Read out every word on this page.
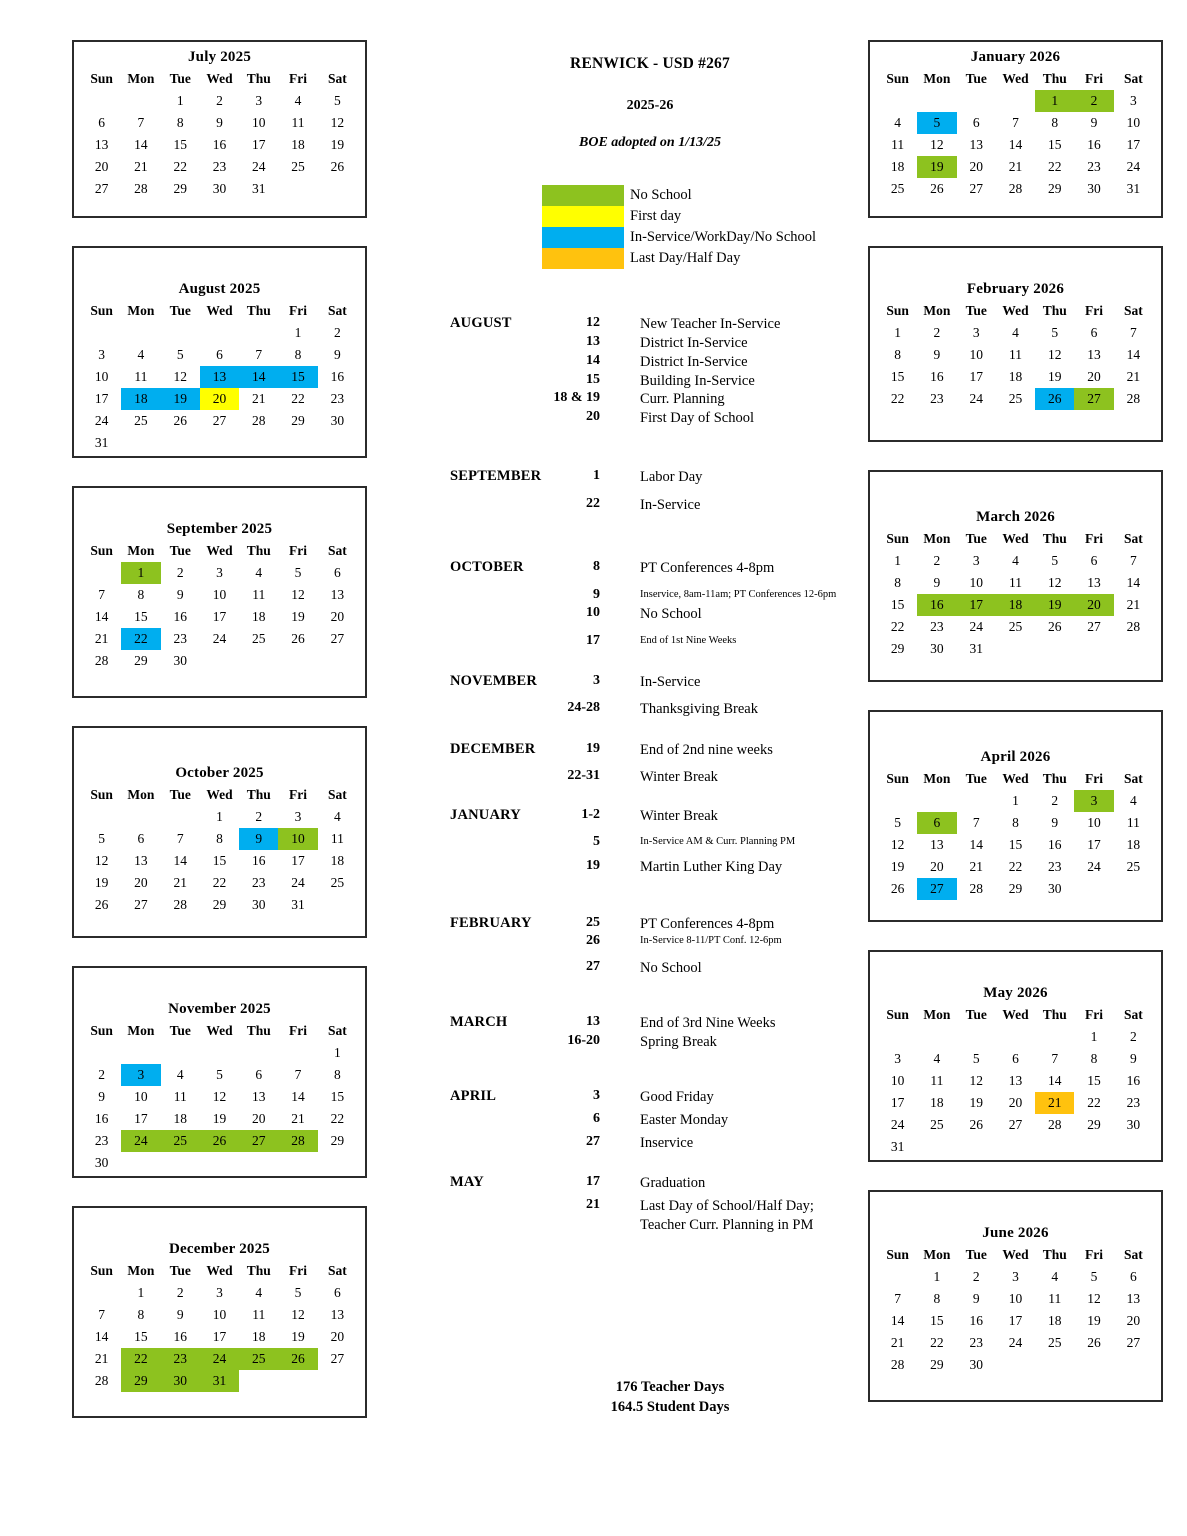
July 2025
Sun	Mon	Tue	Wed	Thu	Fri	Sat
		1	2	3	4	5
6	7	8	9	10	11	12
13	14	15	16	17	18	19
20	21	22	23	24	25	26
27	28	29	30	31		
August 2025
Sun	Mon	Tue	Wed	Thu	Fri	Sat
					1	2
3	4	5	6	7	8	9
10	11	12	13	14	15	16
17	18	19	20	21	22	23
24	25	26	27	28	29	30
31						
September 2025
Sun	Mon	Tue	Wed	Thu	Fri	Sat
	1	2	3	4	5	6
7	8	9	10	11	12	13
14	15	16	17	18	19	20
21	22	23	24	25	26	27
28	29	30				
October 2025
Sun	Mon	Tue	Wed	Thu	Fri	Sat
			1	2	3	4
5	6	7	8	9	10	11
12	13	14	15	16	17	18
19	20	21	22	23	24	25
26	27	28	29	30	31	
November 2025
Sun	Mon	Tue	Wed	Thu	Fri	Sat
						1
2	3	4	5	6	7	8
9	10	11	12	13	14	15
16	17	18	19	20	21	22
23	24	25	26	27	28	29
30						
December 2025
Sun	Mon	Tue	Wed	Thu	Fri	Sat
	1	2	3	4	5	6
7	8	9	10	11	12	13
14	15	16	17	18	19	20
21	22	23	24	25	26	27
28	29	30	31			
January 2026
Sun	Mon	Tue	Wed	Thu	Fri	Sat
				1	2	3
4	5	6	7	8	9	10
11	12	13	14	15	16	17
18	19	20	21	22	23	24
25	26	27	28	29	30	31
February 2026
Sun	Mon	Tue	Wed	Thu	Fri	Sat
1	2	3	4	5	6	7
8	9	10	11	12	13	14
15	16	17	18	19	20	21
22	23	24	25	26	27	28
March 2026
Sun	Mon	Tue	Wed	Thu	Fri	Sat
1	2	3	4	5	6	7
8	9	10	11	12	13	14
15	16	17	18	19	20	21
22	23	24	25	26	27	28
29	30	31				
April 2026
Sun	Mon	Tue	Wed	Thu	Fri	Sat
			1	2	3	4
5	6	7	8	9	10	11
12	13	14	15	16	17	18
19	20	21	22	23	24	25
26	27	28	29	30		
May 2026
Sun	Mon	Tue	Wed	Thu	Fri	Sat
					1	2
3	4	5	6	7	8	9
10	11	12	13	14	15	16
17	18	19	20	21	22	23
24	25	26	27	28	29	30
31						
June 2026
Sun	Mon	Tue	Wed	Thu	Fri	Sat
	1	2	3	4	5	6
7	8	9	10	11	12	13
14	15	16	17	18	19	20
21	22	23	24	25	26	27
28	29	30				
RENWICK - USD #267
2025-26
BOE adopted on 1/13/25
No School
First day
In-Service/WorkDay/No School
Last Day/Half Day
AUGUST	12	New Teacher In-Service
13	District In-Service
14	District In-Service
15	Building In-Service
18 & 19	Curr. Planning
20	First Day of School
SEPTEMBER	1	Labor Day
22	In-Service
OCTOBER	8	PT Conferences 4-8pm
9	Inservice, 8am-11am; PT Conferences 12-6pm
10	No School
17	End of 1st Nine Weeks
NOVEMBER	3	In-Service
24-28	Thanksgiving Break
DECEMBER	19	End of 2nd nine weeks
22-31	Winter Break
JANUARY	1-2	Winter Break
5	In-Service AM & Curr. Planning PM
19	Martin Luther King Day
FEBRUARY	25	PT Conferences 4-8pm
26	In-Service 8-11/PT Conf. 12-6pm
27	No School
MARCH	13	End of 3rd Nine Weeks
16-20	Spring Break
APRIL	3	Good Friday
6	Easter Monday
27	Inservice
MAY	17	Graduation
21	Last Day of School/Half Day;
Teacher Curr. Planning in PM
176 Teacher Days
164.5 Student Days
